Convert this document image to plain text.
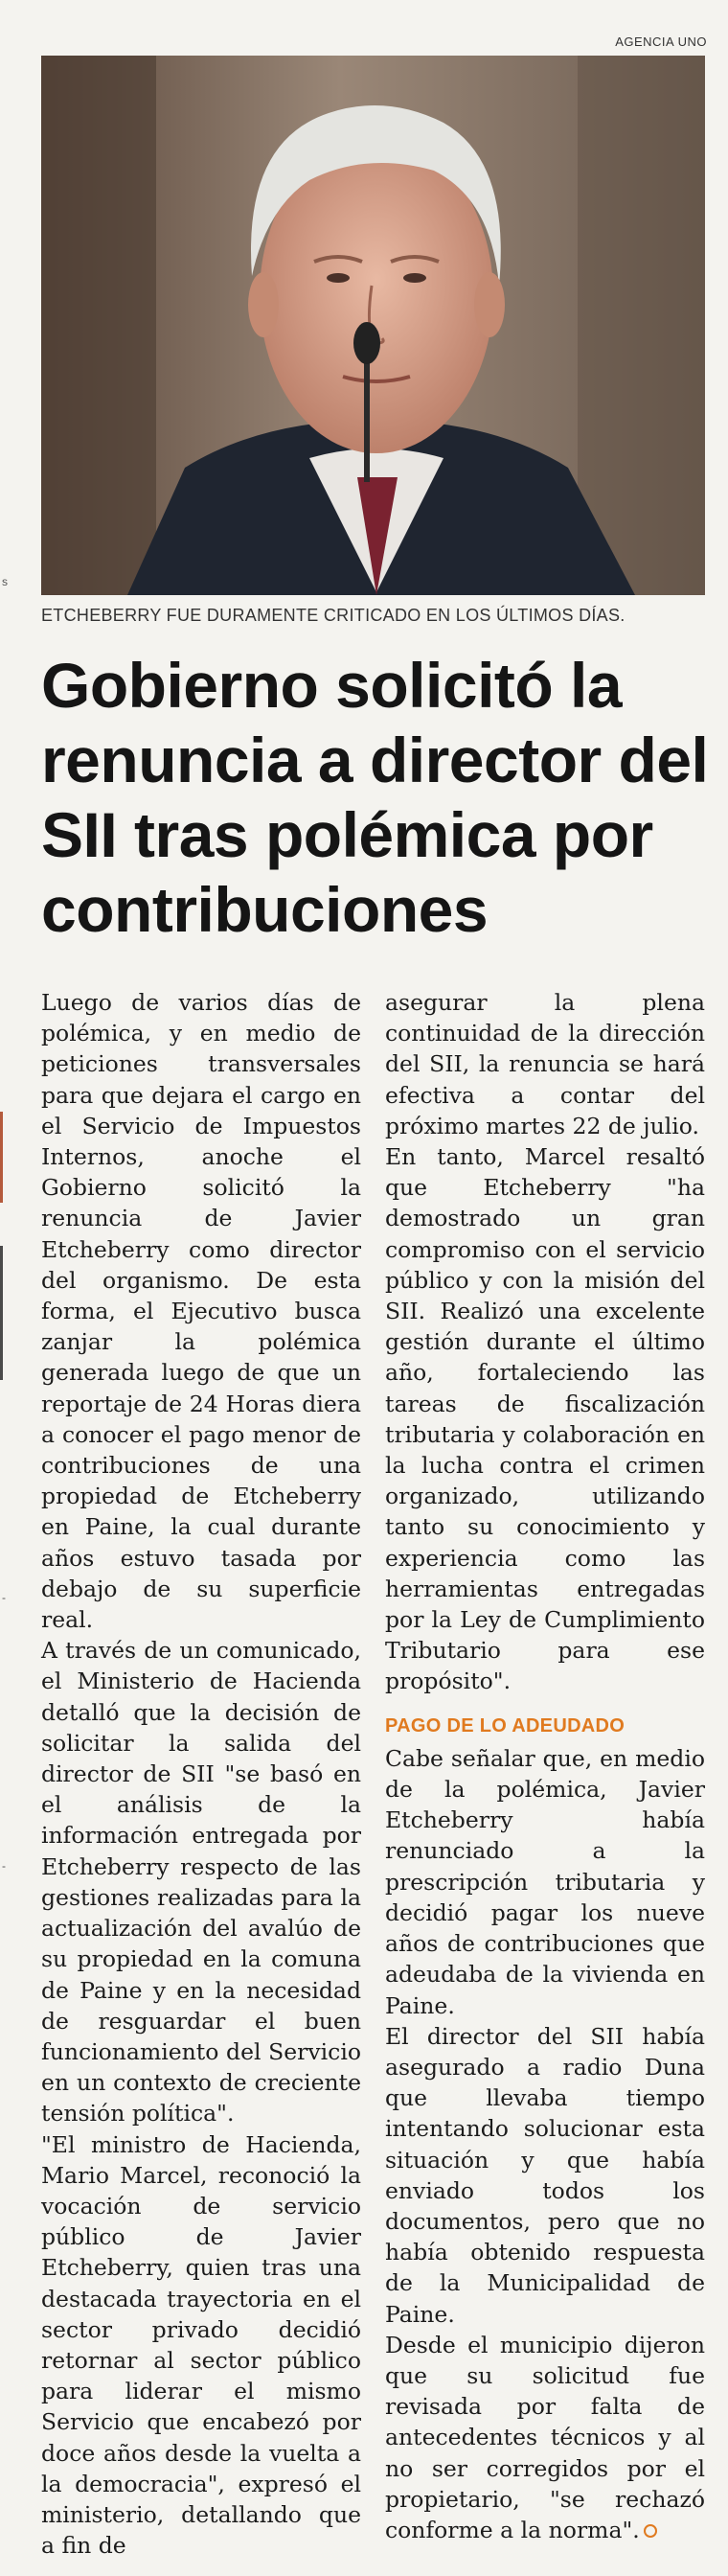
s
-
-
AGENCIA UNO
ETCHEBERRY FUE DURAMENTE CRITICADO EN LOS ÚLTIMOS DÍAS.
Gobierno solicitó la renuncia a director del SII tras polémica por contribuciones

Luego de varios días de polémica, y en medio de peticiones transversales para que dejara el cargo en el Servicio de Impuestos Internos, anoche el Gobierno solicitó la renuncia de Javier Etcheberry como director del organismo. De esta forma, el Ejecutivo busca zanjar la polémica generada luego de que un reportaje de 24 Horas diera a conocer el pago menor de contribuciones de una propiedad de Etcheberry en Paine, la cual durante años estuvo tasada por debajo de su superficie real.

A través de un comunicado, el Ministerio de Hacienda detalló que la decisión de solicitar la salida del director de SII "se basó en el análisis de la información entregada por Etcheberry respecto de las gestiones realizadas para la actualización del avalúo de su propiedad en la comuna de Paine y en la necesidad de resguardar el buen funcionamiento del Servicio en un contexto de creciente tensión política".

"El ministro de Hacienda, Mario Marcel, reconoció la vocación de servicio público de Javier Etcheberry, quien tras una destacada trayectoria en el sector privado decidió retornar al sector público para liderar el mismo Servicio que encabezó por doce años desde la vuelta a la democracia", expresó el ministerio, detallando que a fin de

asegurar la plena continuidad de la dirección del SII, la renuncia se hará efectiva a contar del próximo martes 22 de julio.

En tanto, Marcel resaltó que Etcheberry "ha demostrado un gran compromiso con el servicio público y con la misión del SII. Realizó una excelente gestión durante el último año, fortaleciendo las tareas de fiscalización tributaria y colaboración en la lucha contra el crimen organizado, utilizando tanto su conocimiento y experiencia como las herramientas entregadas por la Ley de Cumplimiento Tributario para ese propósito".

PAGO DE LO ADEUDADO

Cabe señalar que, en medio de la polémica, Javier Etcheberry había renunciado a la prescripción tributaria y decidió pagar los nueve años de contribuciones que adeudaba de la vivienda en Paine.

El director del SII había asegurado a radio Duna que llevaba tiempo intentando solucionar esta situación y que había enviado todos los documentos, pero que no había obtenido respuesta de la Municipalidad de Paine.

Desde el municipio dijeron que su solicitud fue revisada por falta de antecedentes técnicos y al no ser corregidos por el propietario, "se rechazó conforme a la norma".
